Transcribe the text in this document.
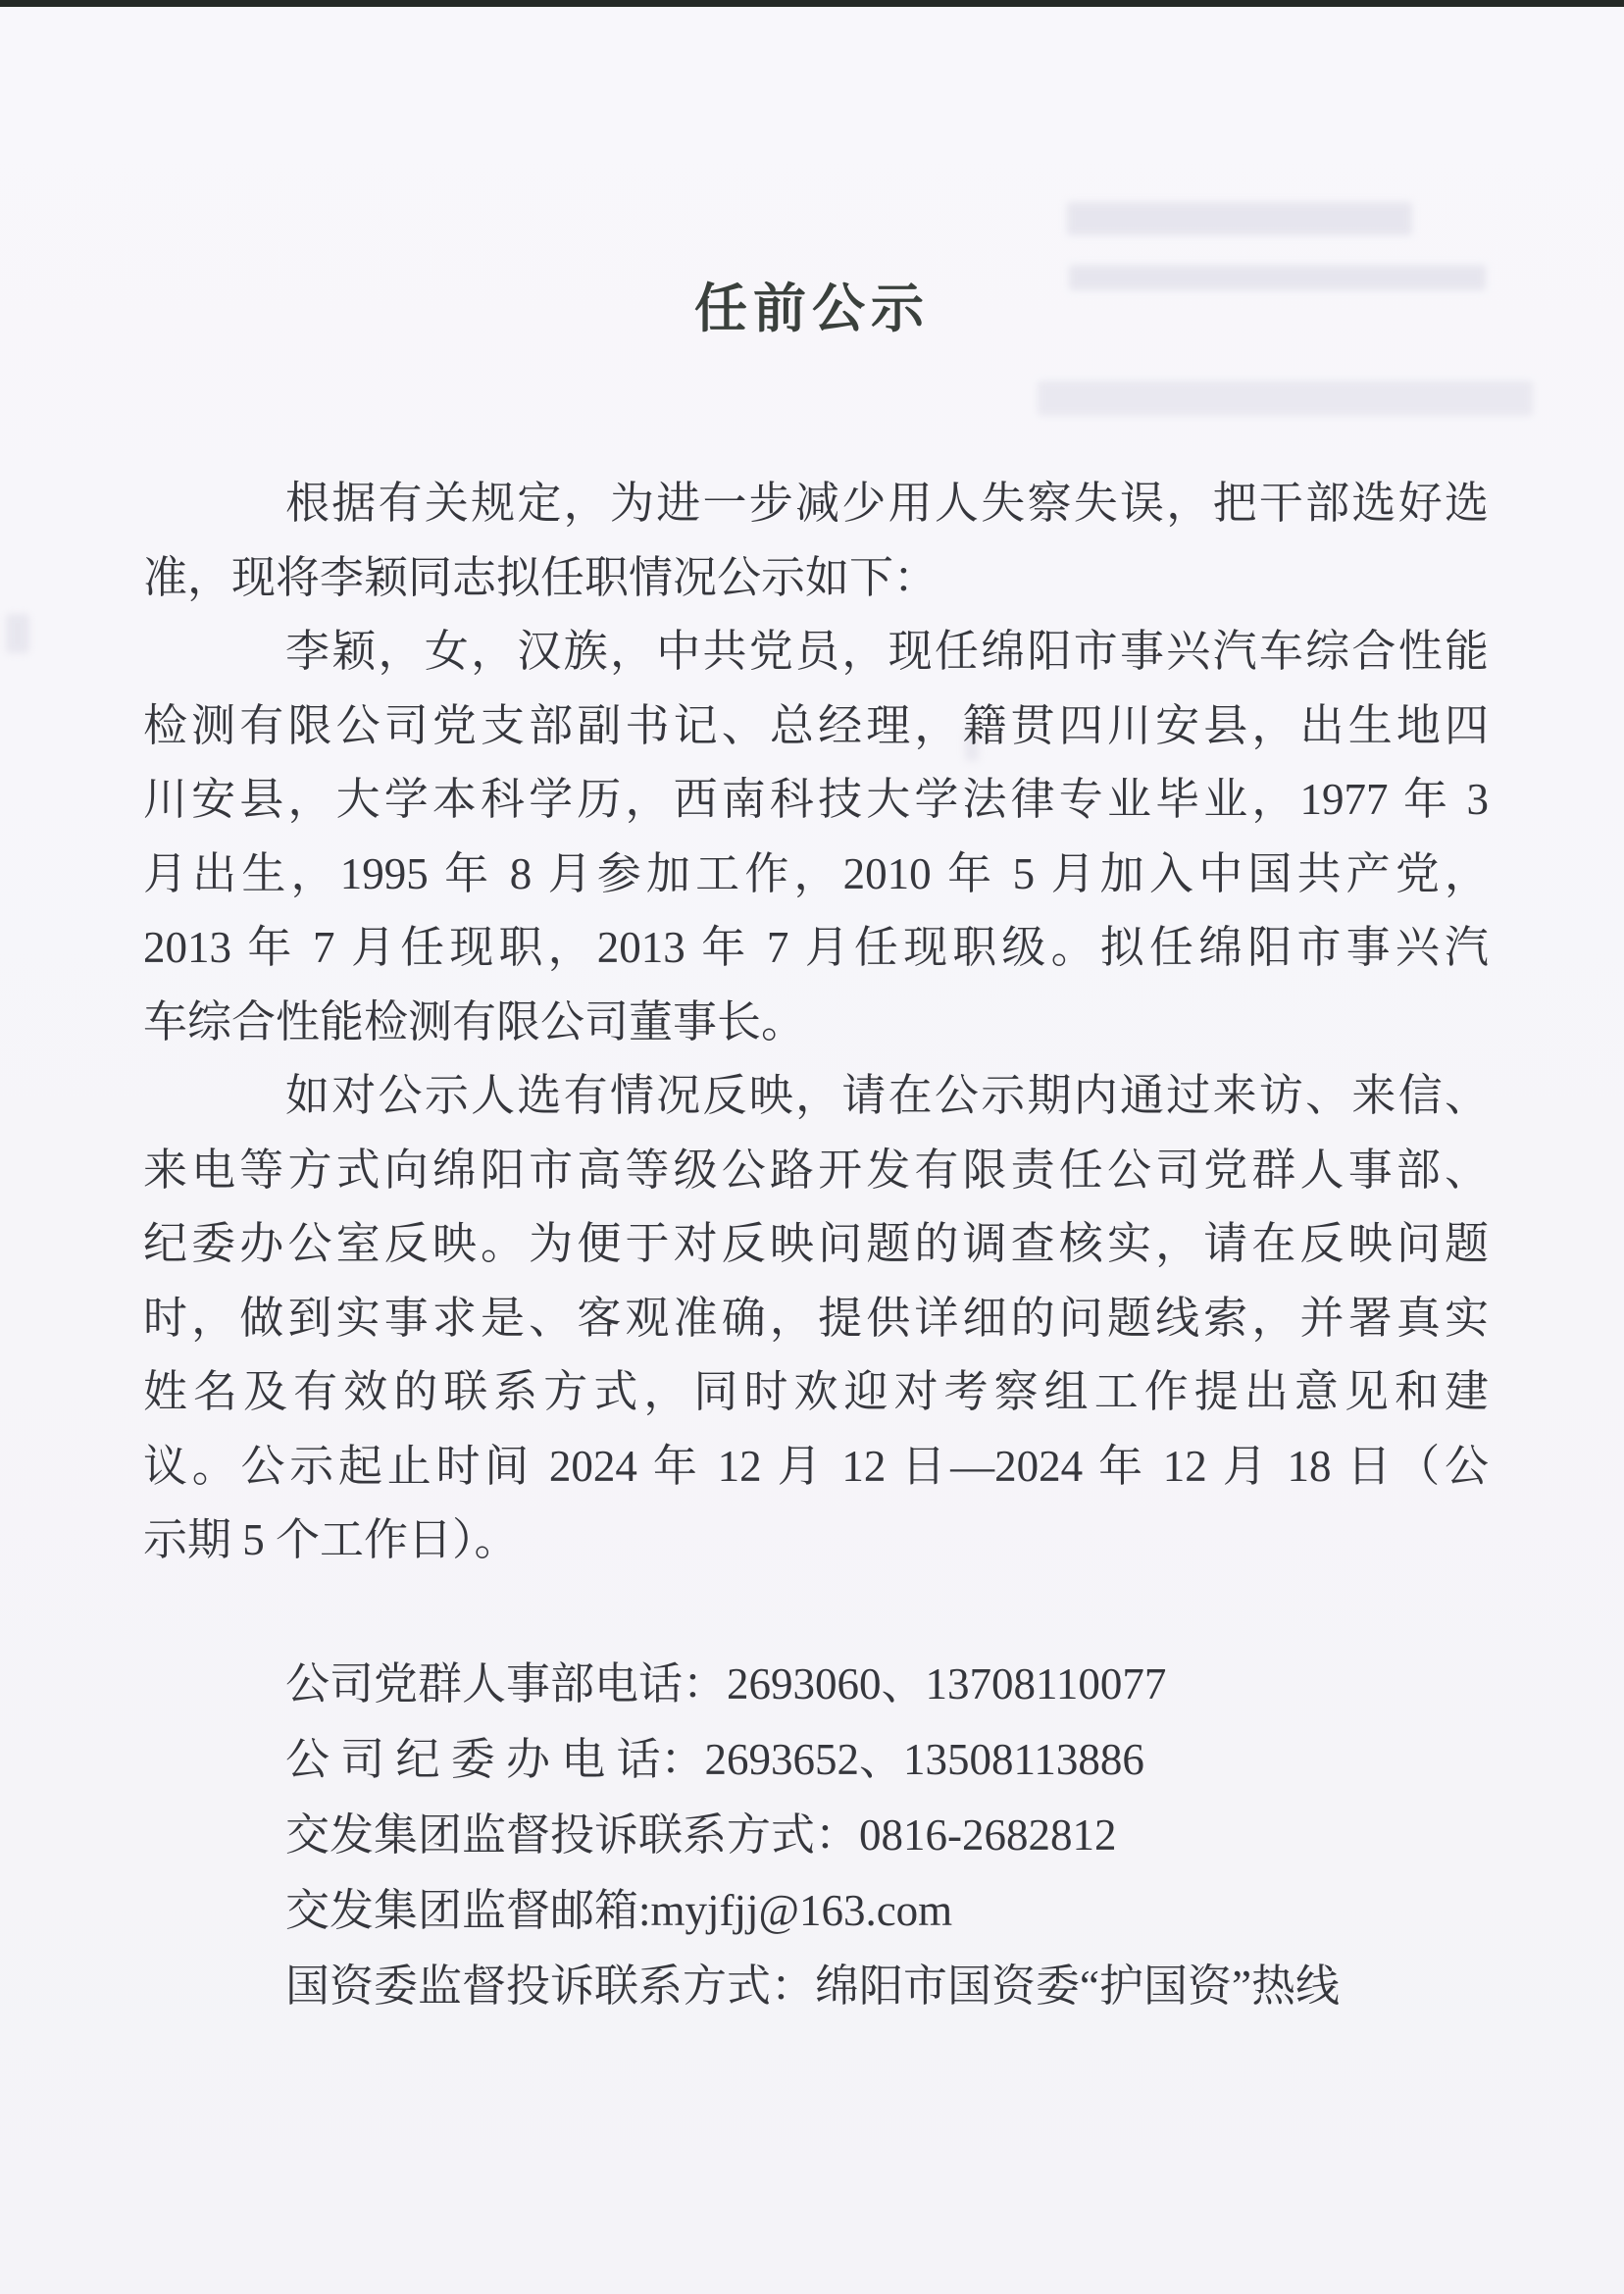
任前公示
根据有关规定，为进一步减少用人失察失误，把干部选好选
准，现将李颖同志拟任职情况公示如下：
李颖，女，汉族，中共党员，现任绵阳市事兴汽车综合性能
检测有限公司党支部副书记、总经理，籍贯四川安县，出生地四
川安县，大学本科学历，西南科技大学法律专业毕业，1977 年 3
月出生，1995 年 8 月参加工作，2010 年 5 月加入中国共产党，
2013 年 7 月任现职，2013 年 7 月任现职级。拟任绵阳市事兴汽
车综合性能检测有限公司董事长。
如对公示人选有情况反映，请在公示期内通过来访、来信、
来电等方式向绵阳市高等级公路开发有限责任公司党群人事部、
纪委办公室反映。为便于对反映问题的调查核实，请在反映问题
时，做到实事求是、客观准确，提供详细的问题线索，并署真实
姓名及有效的联系方式，同时欢迎对考察组工作提出意见和建
议。公示起止时间 2024 年 12 月 12 日—2024 年 12 月 18 日（公
示期 5 个工作日）。
公司党群人事部电话：2693060、13708110077
公 司 纪 委 办 电 话：2693652、13508113886
交发集团监督投诉联系方式：0816-2682812
交发集团监督邮箱:myjfjj@163.com
国资委监督投诉联系方式：绵阳市国资委“护国资”热线
